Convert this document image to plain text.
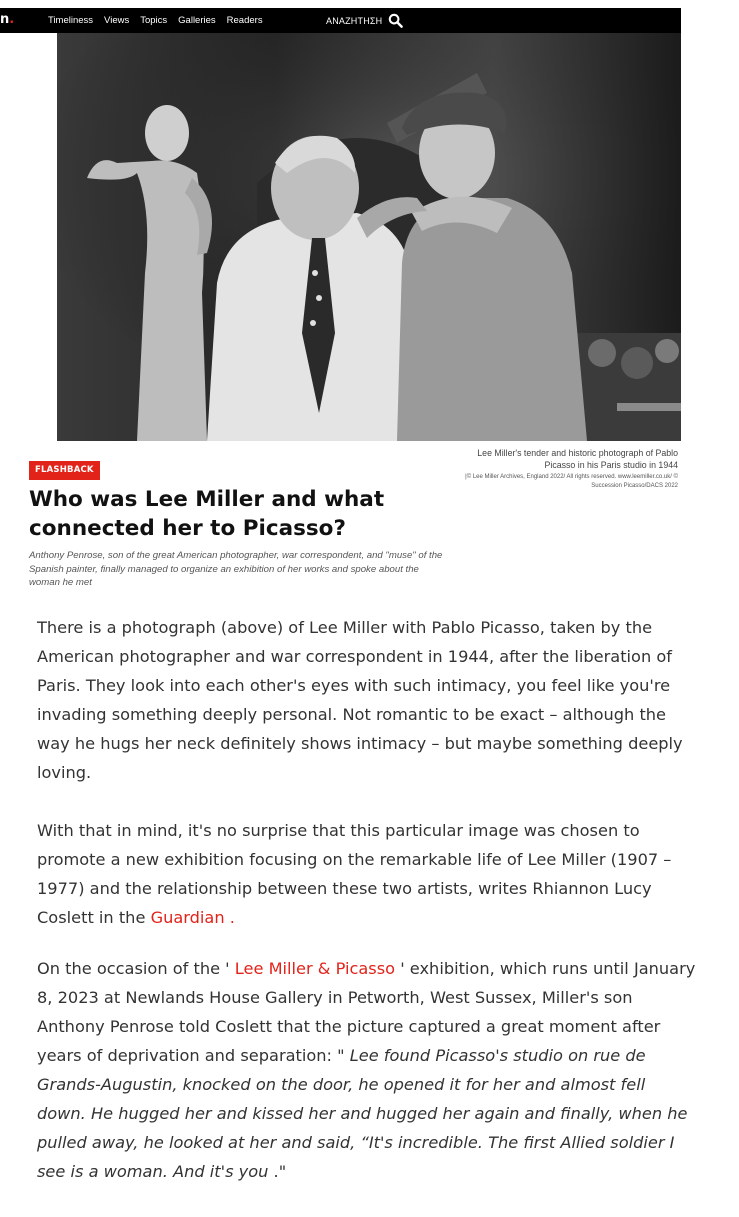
n.	Timeliness Views Topics Galleries Readers	ΑΝΑΖΗΤΗΣΗ
Lee Miller's tender and historic photograph of Pablo Picasso in his Paris studio in 1944
|© Lee Miller Archives, England 2022/ All rights reserved. www.leemiller.co.uk/ © Succession Picasso/DACS 2022
FLASHBACK
Who was Lee Miller and what connected her to Picasso?

Anthony Penrose, son of the great American photographer, war correspondent, and "muse" of the Spanish painter, finally managed to organize an exhibition of her works and spoke about the woman he met

There is a photograph (above) of Lee Miller with Pablo Picasso, taken by the American photographer and war correspondent in 1944, after the liberation of Paris. They look into each other's eyes with such intimacy, you feel like you're invading something deeply personal. Not romantic to be exact – although the way he hugs her neck definitely shows intimacy – but maybe something deeply loving.

With that in mind, it's no surprise that this particular image was chosen to promote a new exhibition focusing on the remarkable life of Lee Miller (1907 – 1977) and the relationship between these two artists, writes Rhiannon Lucy Coslett in the Guardian .

On the occasion of the ' Lee Miller & Picasso ' exhibition, which runs until January 8, 2023 at Newlands House Gallery in Petworth, West Sussex, Miller's son Anthony Penrose told Coslett that the picture captured a great moment after years of deprivation and separation: " Lee found Picasso's studio on rue de Grands-Augustin, knocked on the door, he opened it for her and almost fell down. He hugged her and kissed her and hugged her again and finally, when he pulled away, he looked at her and said, “It's incredible. The first Allied soldier I see is a woman. And it's you ."
